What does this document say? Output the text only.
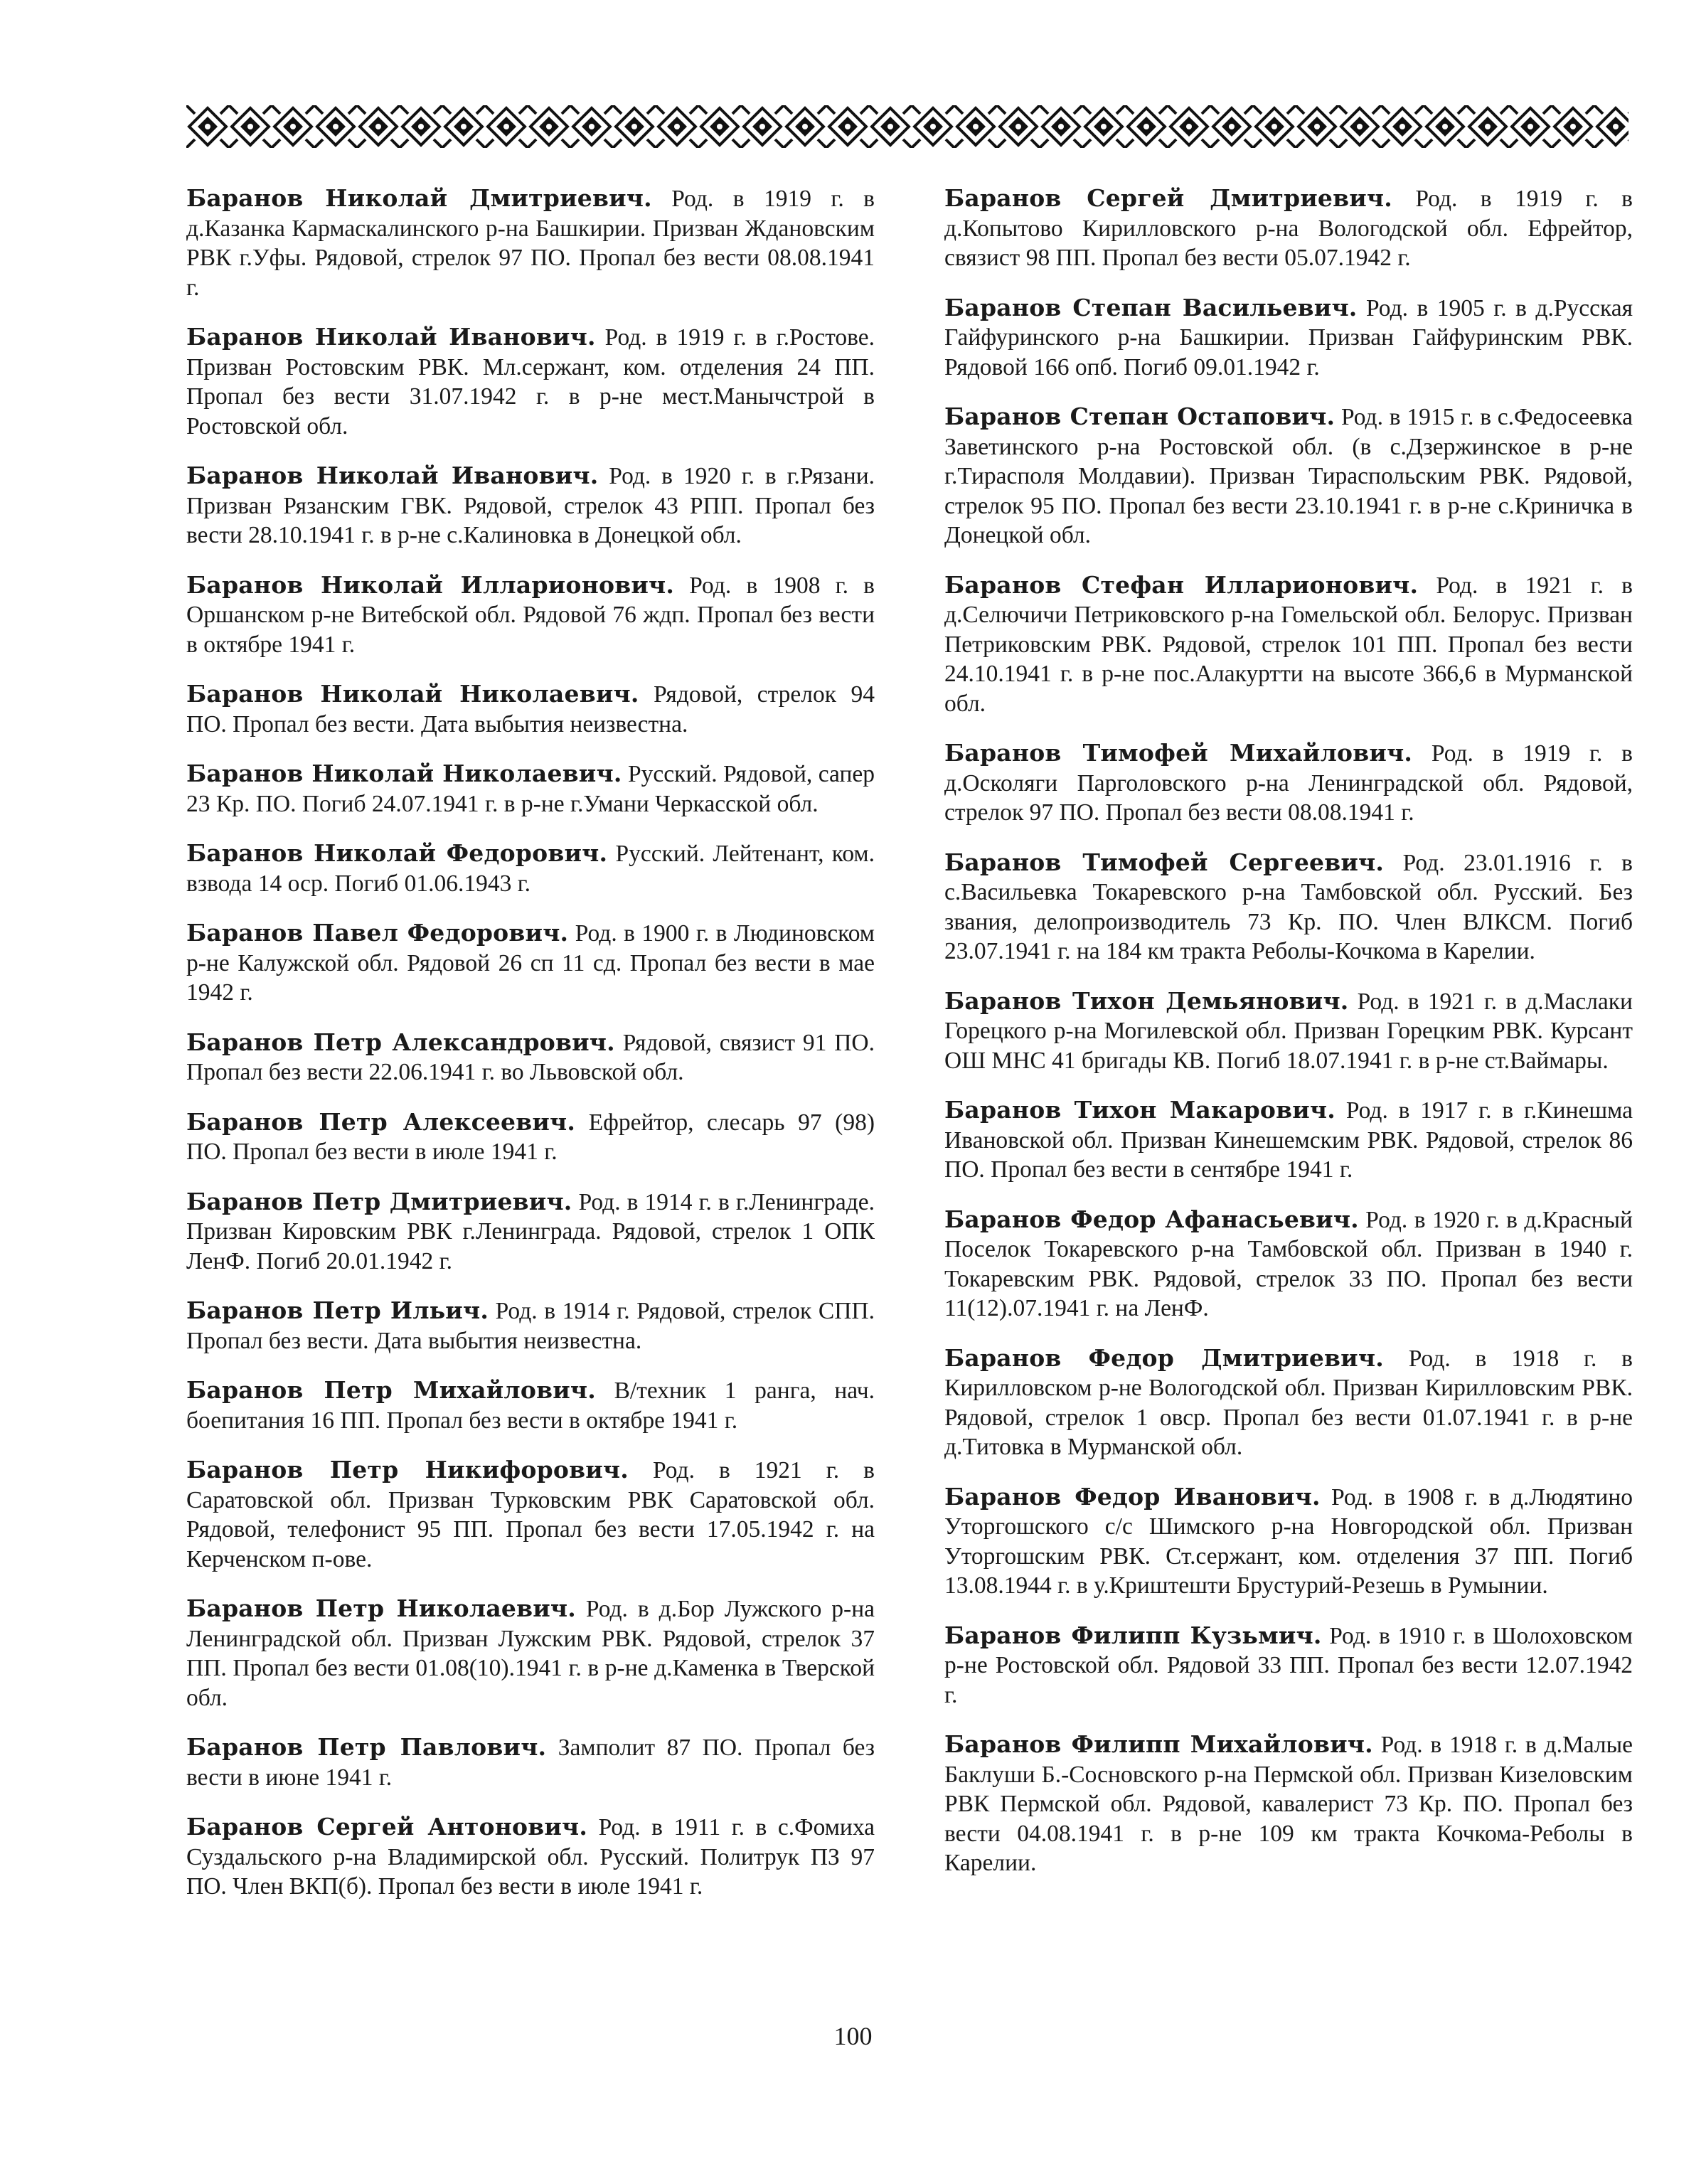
Баранов Николай Дмитриевич. Род. в 1919 г. в д.Казанка Кармаскалинского р-на Башкирии. Призван Ждановским РВК г.Уфы. Рядовой, стрелок 97 ПО. Пропал без вести 08.08.1941 г.

Баранов Николай Иванович. Род. в 1919 г. в г.Ростове. Призван Ростовским РВК. Мл.сержант, ком. отделения 24 ПП. Пропал без вести 31.07.1942 г. в р-не мест.Манычстрой в Ростовской обл.

Баранов Николай Иванович. Род. в 1920 г. в г.Рязани. Призван Рязанским ГВК. Рядовой, стрелок 43 РПП. Пропал без вести 28.10.1941 г. в р-не с.Калиновка в Донецкой обл.

Баранов Николай Илларионович. Род. в 1908 г. в Оршанском р-не Витебской обл. Рядовой 76 ждп. Пропал без вести в октябре 1941 г.

Баранов Николай Николаевич. Рядовой, стрелок 94 ПО. Пропал без вести. Дата выбытия неизвестна.

Баранов Николай Николаевич. Русский. Рядовой, сапер 23 Кр. ПО. Погиб 24.07.1941 г. в р-не г.Умани Черкасской обл.

Баранов Николай Федорович. Русский. Лейтенант, ком. взвода 14 оср. Погиб 01.06.1943 г.

Баранов Павел Федорович. Род. в 1900 г. в Людиновском р-не Калужской обл. Рядовой 26 сп 11 сд. Пропал без вести в мае 1942 г.

Баранов Петр Александрович. Рядовой, связист 91 ПО. Пропал без вести 22.06.1941 г. во Львовской обл.

Баранов Петр Алексеевич. Ефрейтор, слесарь 97 (98) ПО. Пропал без вести в июле 1941 г.

Баранов Петр Дмитриевич. Род. в 1914 г. в г.Ленинграде. Призван Кировским РВК г.Ленинграда. Рядовой, стрелок 1 ОПК ЛенФ. Погиб 20.01.1942 г.

Баранов Петр Ильич. Род. в 1914 г. Рядовой, стрелок СПП. Пропал без вести. Дата выбытия неизвестна.

Баранов Петр Михайлович. В/техник 1 ранга, нач. боепитания 16 ПП. Пропал без вести в октябре 1941 г.

Баранов Петр Никифорович. Род. в 1921 г. в Саратовской обл. Призван Турковским РВК Саратовской обл. Рядовой, телефонист 95 ПП. Пропал без вести 17.05.1942 г. на Керченском п-ове.

Баранов Петр Николаевич. Род. в д.Бор Лужского р-на Ленинградской обл. Призван Лужским РВК. Рядовой, стрелок 37 ПП. Пропал без вести 01.08(10).1941 г. в р-не д.Каменка в Тверской обл.

Баранов Петр Павлович. Замполит 87 ПО. Пропал без вести в июне 1941 г.

Баранов Сергей Антонович. Род. в 1911 г. в с.Фомиха Суздальского р-на Владимирской обл. Русский. Политрук ПЗ 97 ПО. Член ВКП(б). Пропал без вести в июле 1941 г.

Баранов Сергей Дмитриевич. Род. в 1919 г. в д.Копытово Кирилловского р-на Вологодской обл. Ефрейтор, связист 98 ПП. Пропал без вести 05.07.1942 г.

Баранов Степан Васильевич. Род. в 1905 г. в д.Русская Гайфуринского р-на Башкирии. Призван Гайфуринским РВК. Рядовой 166 опб. Погиб 09.01.1942 г.

Баранов Степан Остапович. Род. в 1915 г. в с.Федосеевка Заветинского р-на Ростовской обл. (в с.Дзержинское в р-не г.Тирасполя Молдавии). Призван Тираспольским РВК. Рядовой, стрелок 95 ПО. Пропал без вести 23.10.1941 г. в р-не с.Криничка в Донецкой обл.

Баранов Стефан Илларионович. Род. в 1921 г. в д.Селючичи Петриковского р-на Гомельской обл. Белорус. Призван Петриковским РВК. Рядовой, стрелок 101 ПП. Пропал без вести 24.10.1941 г. в р-не пос.Алакуртти на высоте 366,6 в Мурманской обл.

Баранов Тимофей Михайлович. Род. в 1919 г. в д.Осколяги Парголовского р-на Ленинградской обл. Рядовой, стрелок 97 ПО. Пропал без вести 08.08.1941 г.

Баранов Тимофей Сергеевич. Род. 23.01.1916 г. в с.Васильевка Токаревского р-на Тамбовской обл. Русский. Без звания, делопроизводитель 73 Кр. ПО. Член ВЛКСМ. Погиб 23.07.1941 г. на 184 км тракта Реболы-Кочкома в Карелии.

Баранов Тихон Демьянович. Род. в 1921 г. в д.Маслаки Горецкого р-на Могилевской обл. Призван Горецким РВК. Курсант ОШ МНС 41 бригады КВ. Погиб 18.07.1941 г. в р-не ст.Ваймары.

Баранов Тихон Макарович. Род. в 1917 г. в г.Кинешма Ивановской обл. Призван Кинешемским РВК. Рядовой, стрелок 86 ПО. Пропал без вести в сентябре 1941 г.

Баранов Федор Афанасьевич. Род. в 1920 г. в д.Красный Поселок Токаревского р-на Тамбовской обл. Призван в 1940 г. Токаревским РВК. Рядовой, стрелок 33 ПО. Пропал без вести 11(12).07.1941 г. на ЛенФ.

Баранов Федор Дмитриевич. Род. в 1918 г. в Кирилловском р-не Вологодской обл. Призван Кирилловским РВК. Рядовой, стрелок 1 овср. Пропал без вести 01.07.1941 г. в р-не д.Титовка в Мурманской обл.

Баранов Федор Иванович. Род. в 1908 г. в д.Людятино Уторгошского с/с Шимского р-на Новгородской обл. Призван Уторгошским РВК. Ст.сержант, ком. отделения 37 ПП. Погиб 13.08.1944 г. в у.Криштешти Брустурий-Резешь в Румынии.

Баранов Филипп Кузьмич. Род. в 1910 г. в Шолоховском р-не Ростовской обл. Рядовой 33 ПП. Пропал без вести 12.07.1942 г.

Баранов Филипп Михайлович. Род. в 1918 г. в д.Малые Баклуши Б.-Сосновского р-на Пермской обл. Призван Кизеловским РВК Пермской обл. Рядовой, кавалерист 73 Кр. ПО. Пропал без вести 04.08.1941 г. в р-не 109 км тракта Кочкома-Реболы в Карелии.

100
